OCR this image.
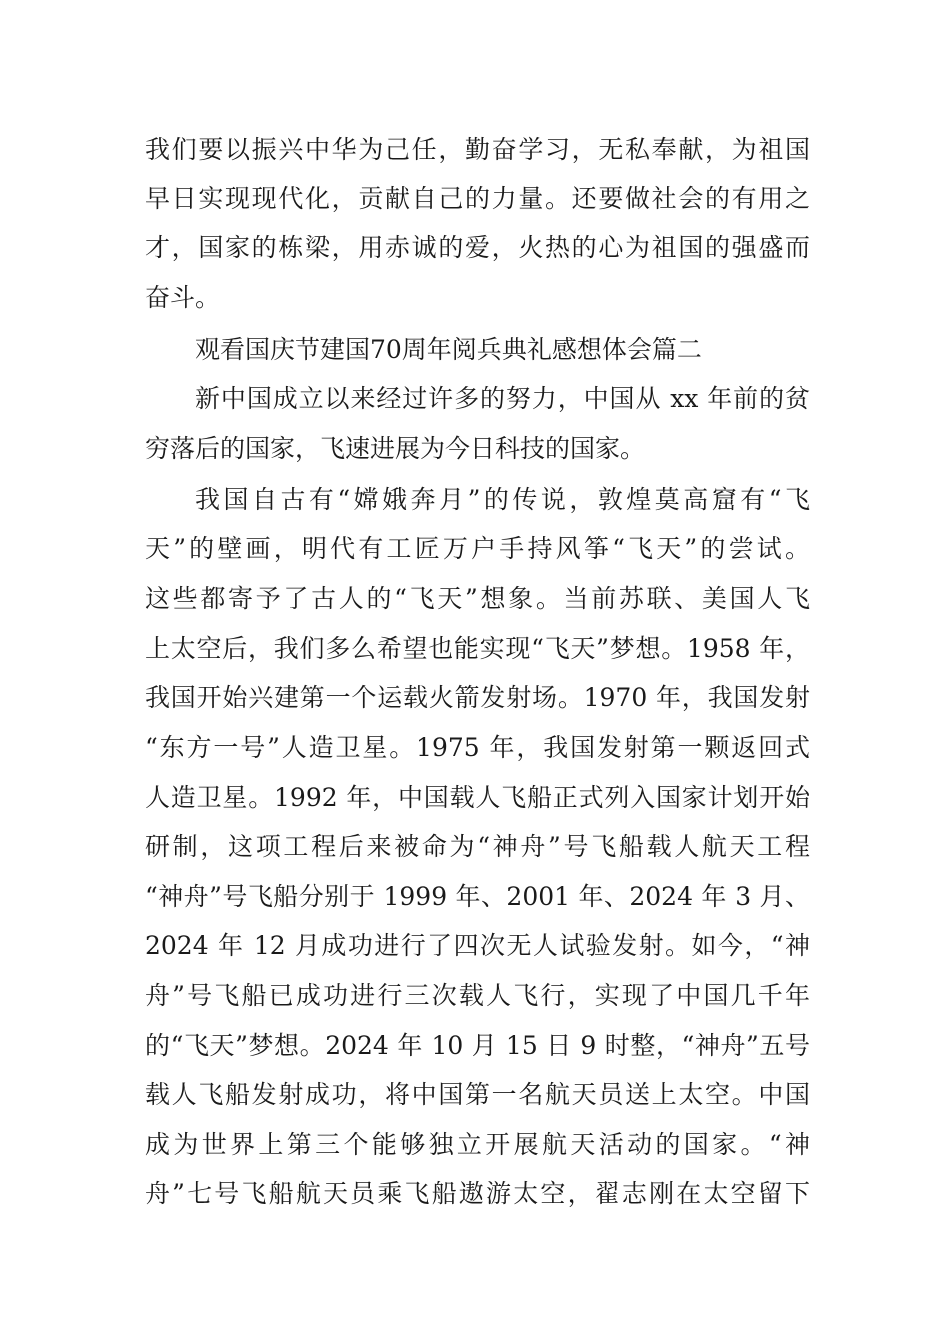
我们要以振兴中华为己任，勤奋学习，无私奉献，为祖国
早日实现现代化，贡献自己的力量。还要做社会的有用之
才，国家的栋梁，用赤诚的爱，火热的心为祖国的强盛而
奋斗。
观看国庆节建国70周年阅兵典礼感想体会篇二
新中国成立以来经过许多的努力，中国从 xx 年前的贫
穷落后的国家，飞速进展为今日科技的国家。
我国自古有“嫦娥奔月”的传说，敦煌莫高窟有“飞
天”的壁画，明代有工匠万户手持风筝“飞天”的尝试。
这些都寄予了古人的“飞天”想象。当前苏联、美国人飞
上太空后，我们多么希望也能实现“飞天”梦想。1958 年，
我国开始兴建第一个运载火箭发射场。1970 年，我国发射
“东方一号”人造卫星。1975 年，我国发射第一颗返回式
人造卫星。1992 年，中国载人飞船正式列入国家计划开始
研制，这项工程后来被命为“神舟”号飞船载人航天工程
“神舟”号飞船分别于 1999 年、2001 年、2024 年 3 月、
2024 年 12 月成功进行了四次无人试验发射。如今，“神
舟”号飞船已成功进行三次载人飞行，实现了中国几千年
的“飞天”梦想。2024 年 10 月 15 日 9 时整，“神舟”五号
载人飞船发射成功，将中国第一名航天员送上太空。中国
成为世界上第三个能够独立开展航天活动的国家。“神
舟”七号飞船航天员乘飞船遨游太空，翟志刚在太空留下
